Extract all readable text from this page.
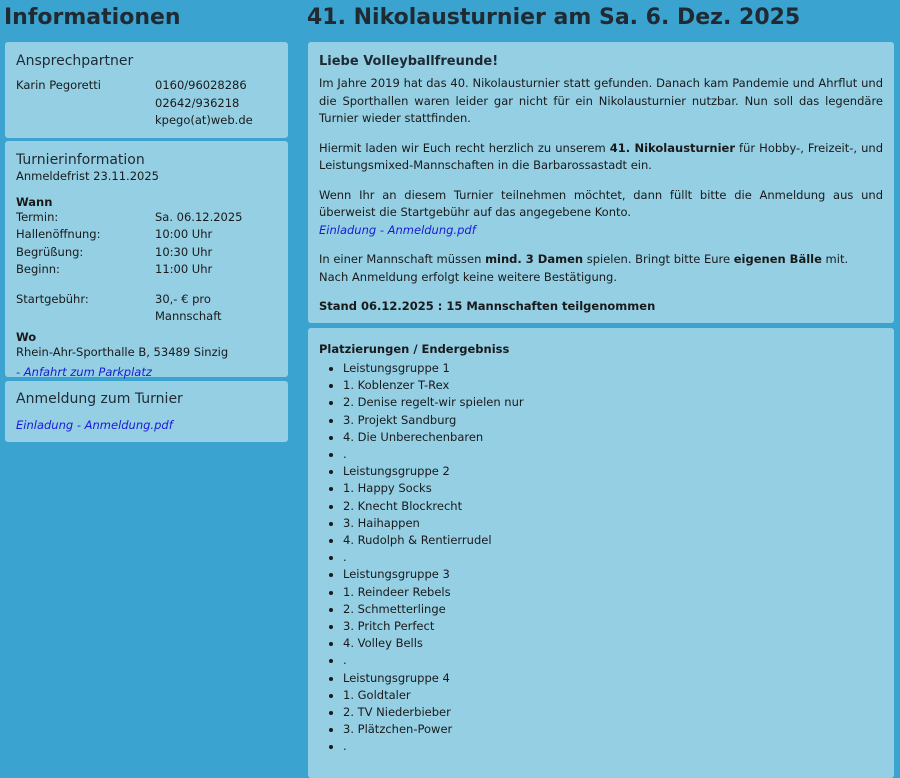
Informationen	41. Nikolausturnier am Sa. 6. Dez. 2025
Ansprechpartner
Karin Pegoretti	0160/96028286
02642/936218
kpego(at)web.de
Turnierinformation
Anmeldefrist 23.11.2025
Wann
Termin:	Sa. 06.12.2025
Hallenöffnung:	10:00 Uhr
Begrüßung:	10:30 Uhr
Beginn:	11:00 Uhr
Startgebühr:	30,- € pro Mannschaft
Wo
Rhein-Ahr-Sporthalle B, 53489 Sinzig
- Anfahrt zum Parkplatz
Anmeldung zum Turnier
Einladung - Anmeldung.pdf
Liebe Volleyballfreunde!

Im Jahre 2019 hat das 40. Nikolausturnier statt gefunden. Danach kam Pandemie und Ahrflut und die Sporthallen waren leider gar nicht für ein Nikolausturnier nutzbar. Nun soll das legendäre Turnier wieder stattfinden.

Hiermit laden wir Euch recht herzlich zu unserem 41. Nikolausturnier für Hobby-, Freizeit-, und Leistungsmixed-Mannschaften in die Barbarossastadt ein.

Wenn Ihr an diesem Turnier teilnehmen möchtet, dann füllt bitte die Anmeldung aus und überweist die Startgebühr auf das angegebene Konto.
Einladung - Anmeldung.pdf

In einer Mannschaft müssen mind. 3 Damen spielen. Bringt bitte Eure eigenen Bälle mit.
Nach Anmeldung erfolgt keine weitere Bestätigung.

Stand 06.12.2025 : 15 Mannschaften teilgenommen

Platzierungen / Endergebniss
• Leistungsgruppe 1
• 1. Koblenzer T-Rex
• 2. Denise regelt-wir spielen nur
• 3. Projekt Sandburg
• 4. Die Unberechenbaren
• .
• Leistungsgruppe 2
• 1. Happy Socks
• 2. Knecht Blockrecht
• 3. Haihappen
• 4. Rudolph & Rentierrudel
• .
• Leistungsgruppe 3
• 1. Reindeer Rebels
• 2. Schmetterlinge
• 3. Pritch Perfect
• 4. Volley Bells
• .
• Leistungsgruppe 4
• 1. Goldtaler
• 2. TV Niederbieber
• 3. Plätzchen-Power
• .
